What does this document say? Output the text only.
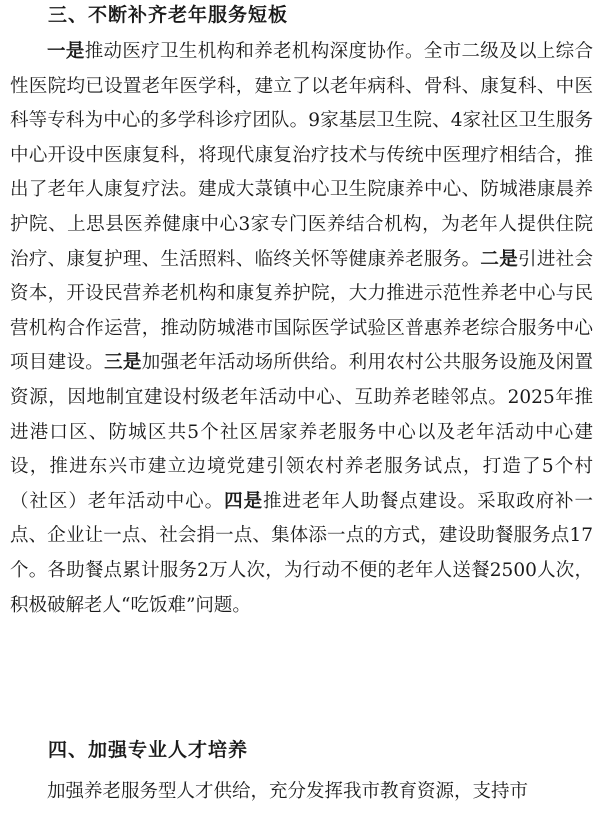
三、不断补齐老年服务短板

一是推动医疗卫生机构和养老机构深度协作。全市二级及以上综合性医院均已设置老年医学科，建立了以老年病科、骨科、康复科、中医科等专科为中心的多学科诊疗团队。9家基层卫生院、4家社区卫生服务中心开设中医康复科，将现代康复治疗技术与传统中医理疗相结合，推出了老年人康复疗法。建成大菉镇中心卫生院康养中心、防城港康晨养护院、上思县医养健康中心3家专门医养结合机构，为老年人提供住院治疗、康复护理、生活照料、临终关怀等健康养老服务。二是引进社会资本，开设民营养老机构和康复养护院，大力推进示范性养老中心与民营机构合作运营，推动防城港市国际医学试验区普惠养老综合服务中心项目建设。三是加强老年活动场所供给。利用农村公共服务设施及闲置资源，因地制宜建设村级老年活动中心、互助养老睦邻点。2025年推进港口区、防城区共5个社区居家养老服务中心以及老年活动中心建设，推进东兴市建立边境党建引领农村养老服务试点，打造了5个村（社区）老年活动中心。四是推进老年人助餐点建设。采取政府补一点、企业让一点、社会捐一点、集体添一点的方式，建设助餐服务点17个。各助餐点累计服务2万人次，为行动不便的老年人送餐2500人次，积极破解老人“吃饭难”问题。

四、加强专业人才培养

加强养老服务型人才供给，充分发挥我市教育资源，支持市
